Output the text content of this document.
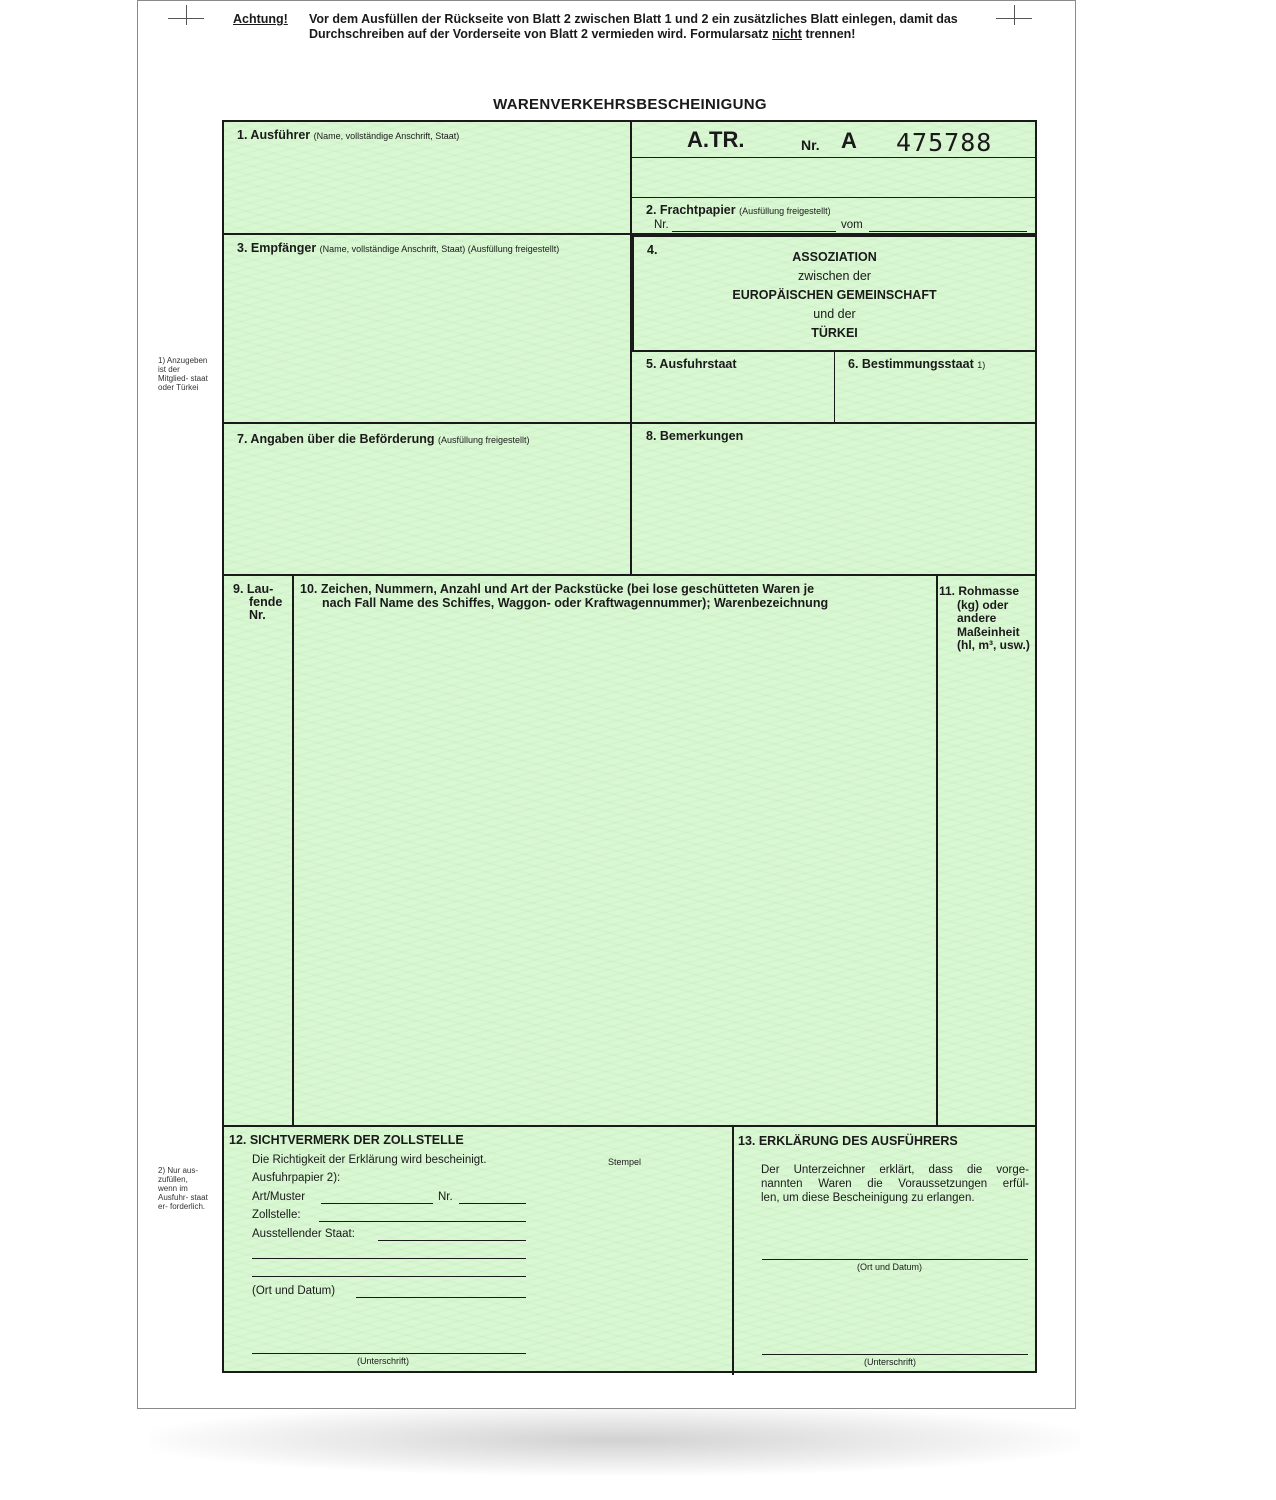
Achtung! Vor dem Ausfüllen der Rückseite von Blatt 2 zwischen Blatt 1 und 2 ein zusätzliches Blatt einlegen, damit das
Durchschreiben auf der Vorderseite von Blatt 2 vermieden wird. Formularsatz nicht trennen!
WARENVERKEHRSBESCHEINIGUNG
1. Ausführer (Name, vollständige Anschrift, Staat)	A.TR.	Nr. A 475788
2. Frachtpapier (Ausfüllung freigestellt)
Nr.	vom
3. Empfänger (Name, vollständige Anschrift, Staat) (Ausfüllung freigestellt)	4.	ASSOZIATION
zwischen der
EUROPÄISCHEN GEMEINSCHAFT
und der
TÜRKEI
5. Ausfuhrstaat	6. Bestimmungsstaat 1)
7. Angaben über die Beförderung (Ausfüllung freigestellt)	8. Bemerkungen
9. Lau-
fende
Nr.
10. Zeichen, Nummern, Anzahl und Art der Packstücke (bei lose geschütteten Waren je
nach Fall Name des Schiffes, Waggon- oder Kraftwagennummer); Warenbezeichnung
11. Rohmasse
(kg) oder
andere
Maßeinheit
(hl, m³, usw.)
12. SICHTVERMERK DER ZOLLSTELLE
Die Richtigkeit der Erklärung wird bescheinigt.	Stempel
Ausfuhrpapier 2):
Art/Muster	Nr.
Zollstelle:
Ausstellender Staat:
(Ort und Datum)
(Unterschrift)
13. ERKLÄRUNG DES AUSFÜHRERS
Der Unterzeichner erklärt, dass die vorge-
nannten Waren die Voraussetzungen erfül-
len, um diese Bescheinigung zu erlangen.
(Ort und Datum)
(Unterschrift)
1) Anzugeben ist der Mitglied- staat oder Türkei
2) Nur aus- zufüllen, wenn im Ausfuhr- staat er- forderlich.
